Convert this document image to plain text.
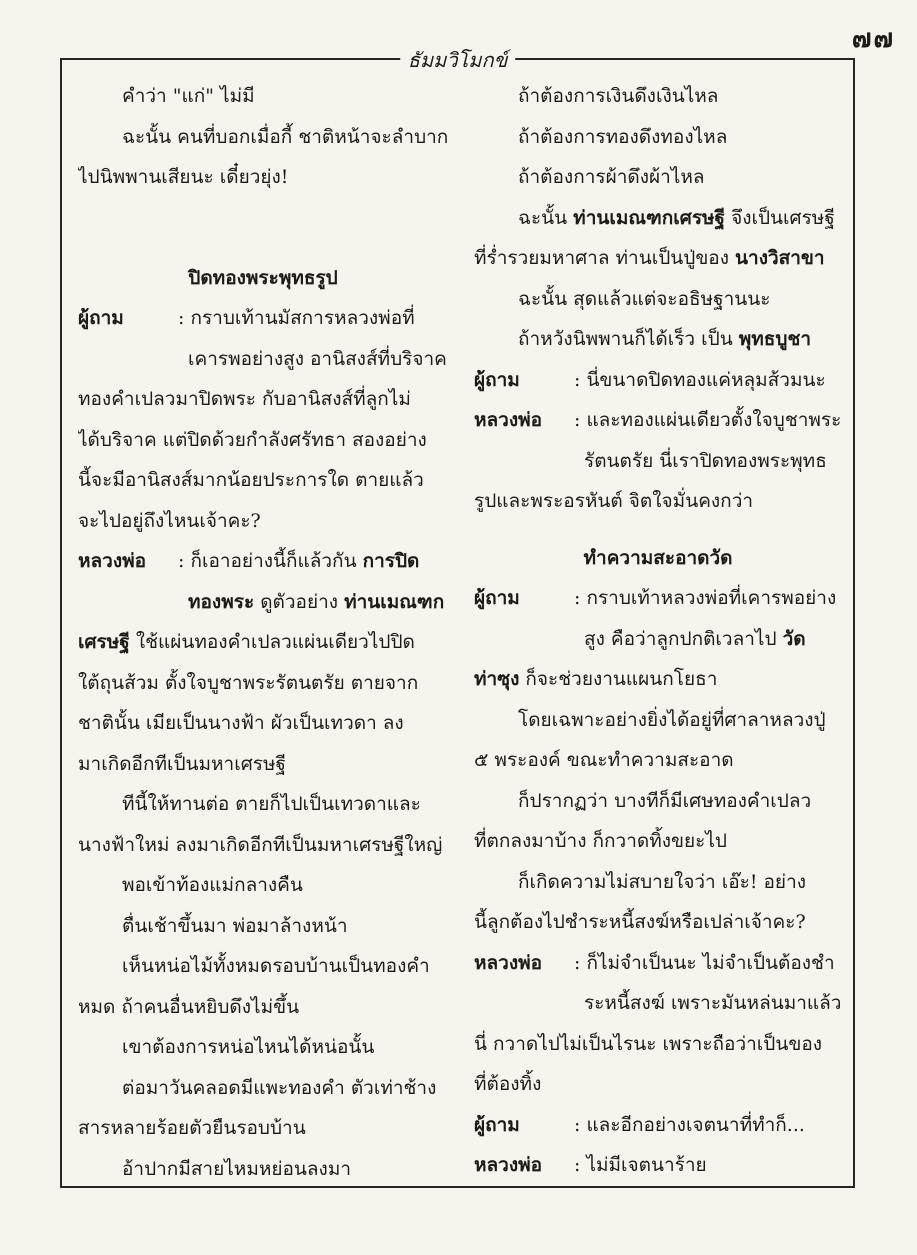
๗๗
ธัมมวิโมกข์
คำว่า "แก่" ไม่มี
ฉะนั้น คนที่บอกเมื่อกี้ ชาติหน้าจะลำบาก
ไปนิพพานเสียนะ เดี๋ยวยุ่ง!
ปิดทองพระพุทธรูป
ผู้ถาม	: กราบเท้านมัสการหลวงพ่อที่
เคารพอย่างสูง อานิสงส์ที่บริจาค
ทองคำเปลวมาปิดพระ กับอานิสงส์ที่ลูกไม่
ได้บริจาค แต่ปิดด้วยกำลังศรัทธา สองอย่าง
นี้จะมีอานิสงส์มากน้อยประการใด ตายแล้ว
จะไปอยู่ถึงไหนเจ้าคะ?
หลวงพ่อ : ก็เอาอย่างนี้ก็แล้วกัน การปิด
ทองพระ ดูตัวอย่าง ท่านเมณฑก
เศรษฐี ใช้แผ่นทองคำเปลวแผ่นเดียวไปปิด
ใต้ถุนส้วม ตั้งใจบูชาพระรัตนตรัย ตายจาก
ชาตินั้น เมียเป็นนางฟ้า ผัวเป็นเทวดา ลง
มาเกิดอีกทีเป็นมหาเศรษฐี
ทีนี้ให้ทานต่อ ตายก็ไปเป็นเทวดาและ
นางฟ้าใหม่ ลงมาเกิดอีกทีเป็นมหาเศรษฐีใหญ่
พอเข้าท้องแม่กลางคืน
ตื่นเช้าขึ้นมา พ่อมาล้างหน้า
เห็นหน่อไม้ทั้งหมดรอบบ้านเป็นทองคำ
หมด ถ้าคนอื่นหยิบดึงไม่ขึ้น
เขาต้องการหน่อไหนได้หน่อนั้น
ต่อมาวันคลอดมีแพะทองคำ ตัวเท่าช้าง
สารหลายร้อยตัวยืนรอบบ้าน
อ้าปากมีสายไหมหย่อนลงมา
ถ้าต้องการเงินดึงเงินไหล
ถ้าต้องการทองดึงทองไหล
ถ้าต้องการผ้าดึงผ้าไหล
ฉะนั้น ท่านเมณฑกเศรษฐี จึงเป็นเศรษฐี
ที่ร่ำรวยมหาศาล ท่านเป็นปู่ของ นางวิสาขา
ฉะนั้น สุดแล้วแต่จะอธิษฐานนะ
ถ้าหวังนิพพานก็ได้เร็ว เป็น พุทธบูชา
ผู้ถาม	: นี่ขนาดปิดทองแค่หลุมส้วมนะ
หลวงพ่อ : และทองแผ่นเดียวตั้งใจบูชาพระ
รัตนตรัย นี่เราปิดทองพระพุทธ
รูปและพระอรหันต์ จิตใจมั่นคงกว่า
ทำความสะอาดวัด
ผู้ถาม	: กราบเท้าหลวงพ่อที่เคารพอย่าง
สูง คือว่าลูกปกติเวลาไป วัด
ท่าซุง ก็จะช่วยงานแผนกโยธา
โดยเฉพาะอย่างยิ่งได้อยู่ที่ศาลาหลวงปู่
๕ พระองค์ ขณะทำความสะอาด
ก็ปรากฏว่า บางทีก็มีเศษทองคำเปลว
ที่ตกลงมาบ้าง ก็กวาดทิ้งขยะไป
ก็เกิดความไม่สบายใจว่า เอ๊ะ! อย่าง
นี้ลูกต้องไปชำระหนี้สงฆ์หรือเปล่าเจ้าคะ?
หลวงพ่อ : ก็ไม่จำเป็นนะ ไม่จำเป็นต้องชำ
ระหนี้สงฆ์ เพราะมันหล่นมาแล้ว
นี่ กวาดไปไม่เป็นไรนะ เพราะถือว่าเป็นของ
ที่ต้องทิ้ง
ผู้ถาม	: และอีกอย่างเจตนาที่ทำก็...
หลวงพ่อ : ไม่มีเจตนาร้าย
